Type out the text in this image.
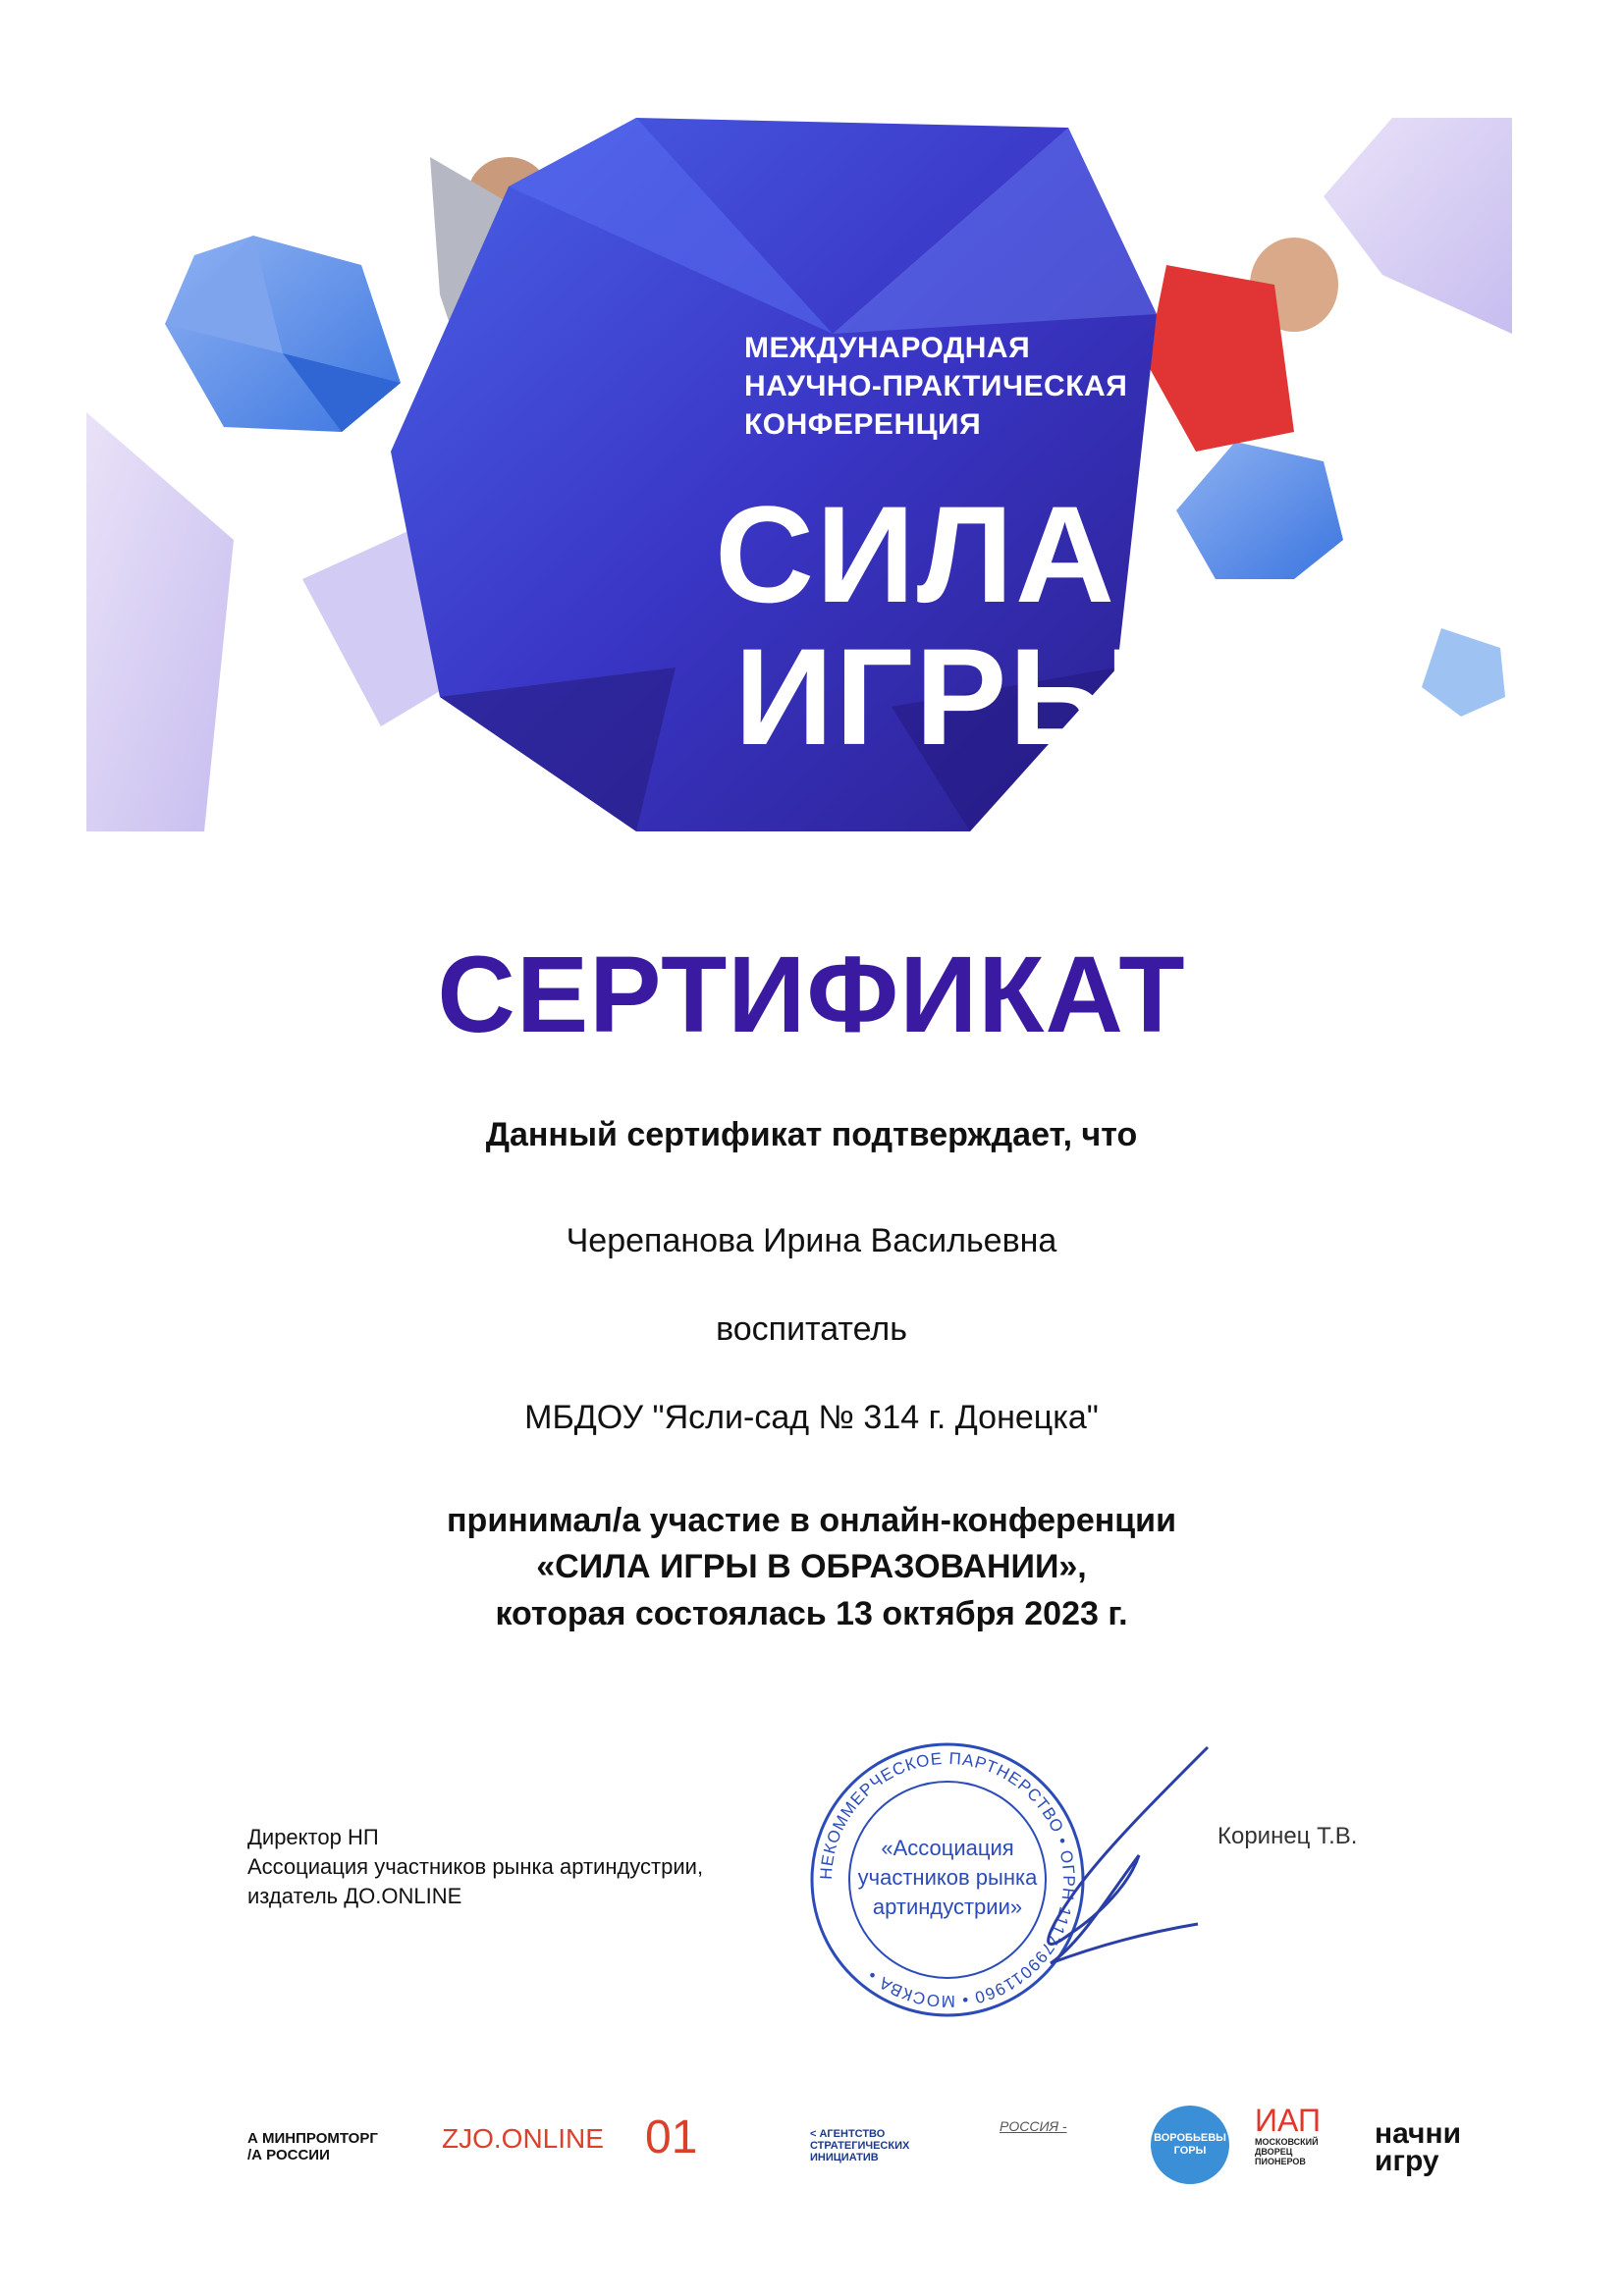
МЕЖДУНАРОДНАЯ
НАУЧНО-ПРАКТИЧЕСКАЯ
КОНФЕРЕНЦИЯ
СИЛА
ИГРЫ
СЕРТИФИКАТ
Данный сертификат подтверждает, что
Черепанова Ирина Васильевна
воспитатель
МБДОУ "Ясли-сад № 314 г. Донецка"
принимал/а участие в онлайн-конференции
«СИЛА ИГРЫ В ОБРАЗОВАНИИ»,
которая состоялась 13 октября 2023 г.
Директор НП
Ассоциация участников рынка артиндустрии,
издатель ДО.ONLINE
НЕКОММЕРЧЕСКОЕ ПАРТНЕРСТВО • ОГРН 1117799011960 • МОСКВА •
«Ассоциация
участников рынка
артиндустрии»
Коринец Т.В.
А МИНПРОМТОРГ
/А РОССИИ
ZJO.ONLINE 01	< АГЕНТСТВО
СТРАТЕГИЧЕСКИХ
ИНИЦИАТИВ
РОССИЯ -
ВОРОБЬЕВЫ
ГОРЫ
ИАП
МОСКОВСКИЙ
ДВОРЕЦ
ПИОНЕРОВ
начни
игру
